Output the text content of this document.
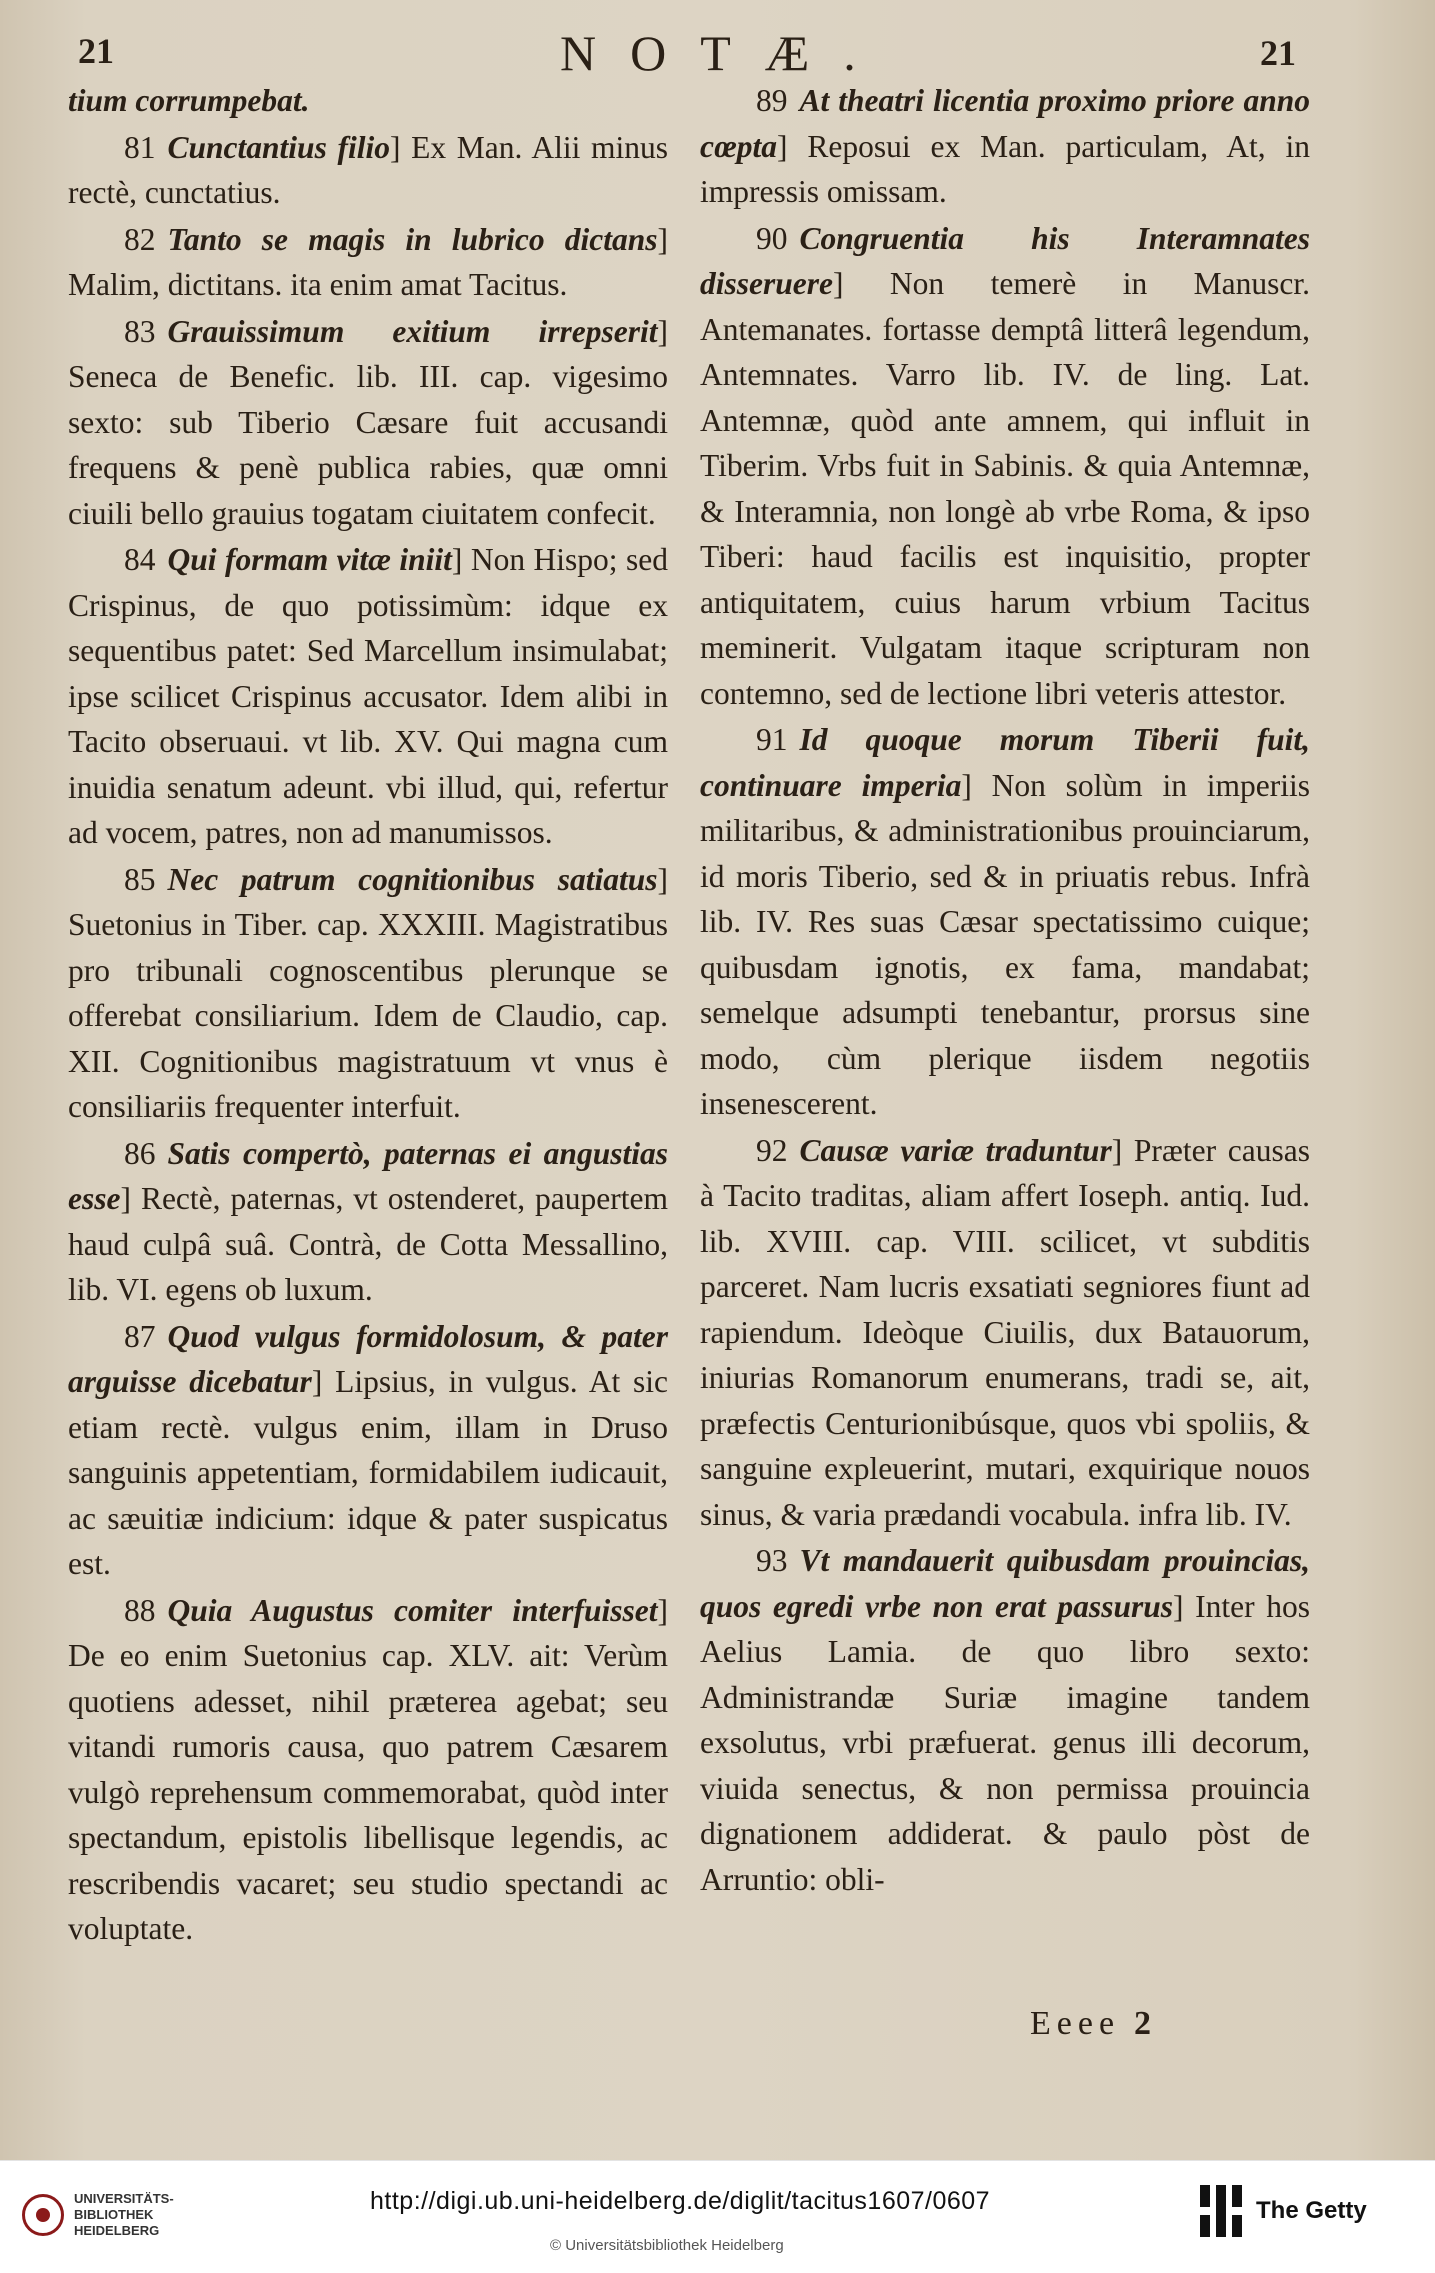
21	NOTÆ.	21

tium corrumpebat.

81 Cunctantius filio] Ex Man. Alii minus rectè, cunctatius.

82 Tanto se magis in lubrico dictans] Malim, dictitans. ita enim amat Tacitus.

83 Grauissimum exitium irrepserit] Seneca de Benefic. lib. III. cap. vigesimo sexto: sub Tiberio Cæsare fuit accusandi frequens & penè publica rabies, quæ omni ciuili bello grauius togatam ciuitatem confecit.

84 Qui formam vitæ iniit] Non Hispo; sed Crispinus, de quo potissimùm: idque ex sequentibus patet: Sed Marcellum insimulabat; ipse scilicet Crispinus accusator. Idem alibi in Tacito obseruaui. vt lib. XV. Qui magna cum inuidia senatum adeunt. vbi illud, qui, refertur ad vocem, patres, non ad manumissos.

85 Nec patrum cognitionibus satiatus] Suetonius in Tiber. cap. XXXIII. Magistratibus pro tribunali cognoscentibus plerunque se offerebat consiliarium. Idem de Claudio, cap. XII. Cognitionibus magistratuum vt vnus è consiliariis frequenter interfuit.

86 Satis compertò, paternas ei angustias esse] Rectè, paternas, vt ostenderet, paupertem haud culpâ suâ. Contrà, de Cotta Messallino, lib. VI. egens ob luxum.

87 Quod vulgus formidolosum, & pater arguisse dicebatur] Lipsius, in vulgus. At sic etiam rectè. vulgus enim, illam in Druso sanguinis appetentiam, formidabilem iudicauit, ac sæuitiæ indicium: idque & pater suspicatus est.

88 Quia Augustus comiter interfuisset] De eo enim Suetonius cap. XLV. ait: Verùm quotiens adesset, nihil præterea agebat; seu vitandi rumoris causa, quo patrem Cæsarem vulgò reprehensum commemorabat, quòd inter spectandum, epistolis libellisque legendis, ac rescribendis vacaret; seu studio spectandi ac voluptate.

89 At theatri licentia proximo priore anno cœpta] Reposui ex Man. particulam, At, in impressis omissam.

90 Congruentia his Interamnates disseruere] Non temerè in Manuscr. Antemanates. fortasse demptâ litterâ legendum, Antemnates. Varro lib. IV. de ling. Lat. Antemnæ, quòd ante amnem, qui influit in Tiberim. Vrbs fuit in Sabinis. & quia Antemnæ, & Interamnia, non longè ab vrbe Roma, & ipso Tiberi: haud facilis est inquisitio, propter antiquitatem, cuius harum vrbium Tacitus meminerit. Vulgatam itaque scripturam non contemno, sed de lectione libri veteris attestor.

91 Id quoque morum Tiberii fuit, continuare imperia] Non solùm in imperiis militaribus, & administrationibus prouinciarum, id moris Tiberio, sed & in priuatis rebus. Infrà lib. IV. Res suas Cæsar spectatissimo cuique; quibusdam ignotis, ex fama, mandabat; semelque adsumpti tenebantur, prorsus sine modo, cùm plerique iisdem negotiis insenescerent.

92 Causæ variæ traduntur] Præter causas à Tacito traditas, aliam affert Ioseph. antiq. Iud. lib. XVIII. cap. VIII. scilicet, vt subditis parceret. Nam lucris exsatiati segniores fiunt ad rapiendum. Ideòque Ciuilis, dux Batauorum, iniurias Romanorum enumerans, tradi se, ait, præfectis Centurionibúsque, quos vbi spoliis, & sanguine expleuerint, mutari, exquirique nouos sinus, & varia prædandi vocabula. infra lib. IV.

93 Vt mandauerit quibusdam prouincias, quos egredi vrbe non erat passurus] Inter hos Aelius Lamia. de quo libro sexto: Administrandæ Suriæ imagine tandem exsolutus, vrbi præfuerat. genus illi decorum, viuida senectus, & non permissa prouincia dignationem addiderat. & paulo pòst de Arruntio: obli-

Eeee 2
UNIVERSITÄTS-
BIBLIOTHEK
HEIDELBERG
http://digi.ub.uni-heidelberg.de/diglit/tacitus1607/0607
© Universitätsbibliothek Heidelberg
The Getty
